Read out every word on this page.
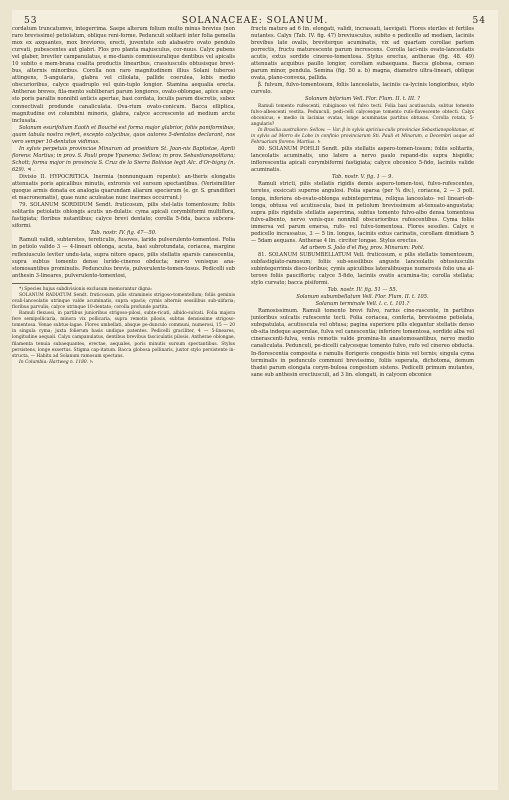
53	SOLANACEAE: SOLANUM.	54

cordatum truncatumve, integerrima. Saepe alterum folium multo minus brevius (non raro brevissime) petiolatum, oblique reni-forme. Pedunculi solitarii inter folia gemella mox ex axquantes, mox breviores, erecti, juventute sub alabastro ovato pendulo curvati, pubescentes aut glabri. Flos pro planta majusculus, cor-nuus. Calyx pubens vel glaber, breviter campanulatus, e me-dianis commissuralique dentibus vel apicalis 10 subito e mem-brana coalita productis linearibus, crassiusculis obtusisque brevi-bus, alternis minoribus. Corolla non raro magnitudinem illius Solani tuberosi attingens, 5-angularis, glabra vel ciliolata, pallide coerulea, lobis medio obscurioribus, calyce quadruplo vel quin-tuplo longior. Stamina aequalia erecta. Antherae breves, fila-mento subliberari parum longiores, ovato-oblongae, apice angu-sto poris parallis nonnihil anticis apertae, basi cordata, loculis parum discretis, subex connectivali produnde canaliculata. Ova-rium ovato-conicum. Bacca elliptica, magnitudine ovi columbini minoris, glabra, calyce accrescente ad medium arcte inclusata.

Solanum esurifolium Eaoth et Bouché est forma major glabrior, foliis paniformibus, quam tabula nostra refert, excepto calycibus, quos autores 5-dentatos declarant, nos vero semper 10-dentatos vidimus.

In sylvis perpetuis provinciae Minarum ad proeidiam St. Joan-nis Baptistae, Aprili florens: Martius; in prov. S. Pauli prope Ypanema: Sellow; in prov. Sebastianopolitana; Schott; forma major in provincia S. Cruz de la Sierra Boliviae legit Alc. d'Or-bigny (n. 629). ♃ .

Divisio II. HYPOCRITICA. Inermia (nonnunquam repente): an-theris elongatis attenuatis poris apicalibus minutis, extrorsis vel sursum spectantibus. (Verisimiliter quoque armis donata ex analogia quarundam aliarum specierum (e. gr. S. grandiflori et macronematis), quae nunc aculeatae nunc inermes occurrunt.)

79. SOLANUM SORDIDUM Sendt. fruticosum, pilis stel-latis tomentosum; foliis solitariis petiolatis oblongis acutis un-dulatis: cyma apicali corymbiformi multiflora, fastigiata; floribus nutantibus; calyce brevi dentato; corolla 5-fida, bacca subcera-siformi.

Tab. nostr. IV. fig. 47—50.

Ramuli validi, subteretes, tereticulis, fusoves, laride pulverulento-tomentosi. Folia in petiolo valido 3 — 4-lineari oblonga, acuta, basi subrotundata, coriacea, margine reflexiusculo leviter undu-lata, supra nitore opaco, pilis stellatis sparsis canescentia, supra subtus tomento dense luride-cinereo obducta; nervo venisque ana-stomosantibus prominulis. Pedunculus brevis, pulverulento-tomen-tosus. Pedicelli sub anthesin 3-lineares, pulverulento-tomentosi,

*) Species hujus subdivisionis exclusum memorantur digna:

SOLANUM RADIATUM Sendt. fruticosum, pilis stramineis strigoso-tomentellum; foliis geminis ovali-lanceolatis utrinque valde acuminatis, supra opacis; cymis alternis sessilibus sub-ulifaria; floribus parvulis; calyce utrinque 10-dentato; corolla profunde partita.

Ramuli flexuosi, in partibus junioribus strigoso-pilosi, subte-ricati, albido-sulcati. Folia majora fere semipollicaria, minora vix pollicaria, supra remotis pilosis, subtus densissime strigoso-tomentosa. Venae subtus-lagae. Flores umbellati, absque pe-dunculo communi, numerosi, 15 — 20 in singula cyma; juxta folierum basis undique patentes. Pedicelli graciliter, 4 — 5-lineares, longitudine aequali. Calyx campanulatus, dentibus brevibus fasciculatis pilosis. Antherae oblongae, filamenta tenuia subaequantes, erectae, aequales, poris minutis sursum spectantibus. Stylus persistens, longe exsertus. Stigma cap-itatum. Bacca globosa pollinaris, juxtor stylo persistente in-structa, — Habitu ad Solanum ramosum spectans.

In Columbia: Hartweg n. 1180. ♄

fructu maturo ad 6 lin. elongati, validi, incrassati, laevigati. Flores steriles et fertiles nutantes. Calyx (Tab. IV. fig. 47) breviusculus, subito e pedicello ad mediam, laciniis brevibus late ovalis, breviterque acuminatis, vix ad quartam corollae partem porrectis, fructu maturescente parum increscens. Corolla laci-niis ovato-lanceolatis acutis, extus sordide cinereo-tomentosa. Stylus erectus, antherae (fig. 48. 49) attenuatis acquibus paullo longior, corollam subaequans. Bacca globosa, ceraso parum minor, pendula. Semina (fig. 50 a. b) magna, diametro ultra-lineari, oblique ovata, plano-convexa, pallida.

β. fulvum, fulvo-tomentosum, foliis lanceolatis, laciniis ca-lycinis longioribus, stylo curvulo.

Solanum bifarium Vell. Flor. Flum. II. t. III. ?

Ramuli tomento rufescenti, rubiginoso vel fulvo tecti. Folia basi acutiuscula, subtus tomento fulvo-albescenti vestita. Pedunculi, pedi-celli calycesque tomento rufo-flavescente obtecti. Calyx obconicus, e medio in lacinias ovatas, longe acuminatas partitus obtusas. Corolla rotata, 5-angularis?

In Brasilia australiore: Sellow. — Var. β in sylvis apricius-culis provinciae Sebastianopolitanae, et in sylvis ad Morro de Lobo in confinio provinciarum Sti. Pauli et Minarum, a Decembri usque ad Februarium florens: Martius. ♄

80. SOLANUM POHLII Sendt. pilis stellatis aspero-tomen-tosum; foliis solitariis, lanceolatis acuminatis, uno latere a nervo paulo repand-dis supra hispidis; inflorescentia apicali corymbiformi fastigiata; calyce obconico 5-fido, laciniis valide acuminatis.

Tab. nostr. V. fig. 1 — 9.

Ramuli stricti, pilis stellatis rigidis demis aspero-tomen-tosi, fulvo-rufescentes, teretes, exsiccati superne angulosi. Folia sparsa (per ¾ div.), coriacea, 2 — 3 poll. longa, inferiora ob-ovato-oblonga subintegerrima, reliqua lanceolato- vel lineari-ob-longa, obtusa vel acutiuscula, basi in petiolum brevissimum at-tenuato-angustata; supra pilis rigidulis stellatis asperrima, subtus tomento fulvo-albo densa tomentosa fulvo-albento, nervo venis-que nonnihil obscurioribus rufescentibus. Cyma foliis immersa vel parum emersa, rufo- vel fulvo-tomentosa. Flores sessiles. Calyx e pedicello incrassatus, 3 — 5 lin. longus, laciniis extus carinatis, corollam dimidiam 5 — 5dam aequans. Antherae 4 lin. circiter longae. Stylus erectus.

Ad urbem S. João d'el Rey, prov. Minarum: Pohl.

81. SOLANUM SUBUMBELLATUM Vell. fruticosum, e pilis stellatis tomentosum, subfastigiato-ramosum; foliis sub-sessilibus anguste lanceolatis obtusiusculis subintegerrimis disco-loribus; cymis apiculibus lateralibusque numerosis folio una al-terove foliis pauciftoris; calyce 5-fido, laciniis ovatis acumina-tis; corolla stellata; stylo curvato; bacca pisiformi.

Tab. nostr. IV. fig. 51 — 55.

Solanum subumbellatum Vell. Flor. Flum. II. t. 105.

Solanum terminale Vell. l. c. t. 101.?

Ramosissimum. Ramuli tomento brevi fulvo, rarius cine-rascente, in partibus junioribus sulcatis rufescente tecti. Folia coriacea, conferta, brevissime petiolata, subspatulata, acutiuscula vel obtusa; pagina superiore pilis elegantur stellatis denso ob-sita indeque asperulae, fulva vel canescentia; inferiore tomentosa, sordide alba vel cinerascenti-fulva, venis remotis valde promina-lis anastomosantibus, nervo medio canaliculata. Pedunculi, pe-dicelli calycesque tomento fulvo, rufo vel cinereo obducta. In-florescentia composita e ramulis florigeris congestis binis vel ternis; singula cyma terminalis in pedunculo communi brevissimo, foliis superata, dichotoma, demum thadsi parum elongata corym-bulosa congestum sistens. Pedicelli primum mutantes, sane sub anthesin erectiusculi, ad 3 lin. elongati, in calycem obconice
